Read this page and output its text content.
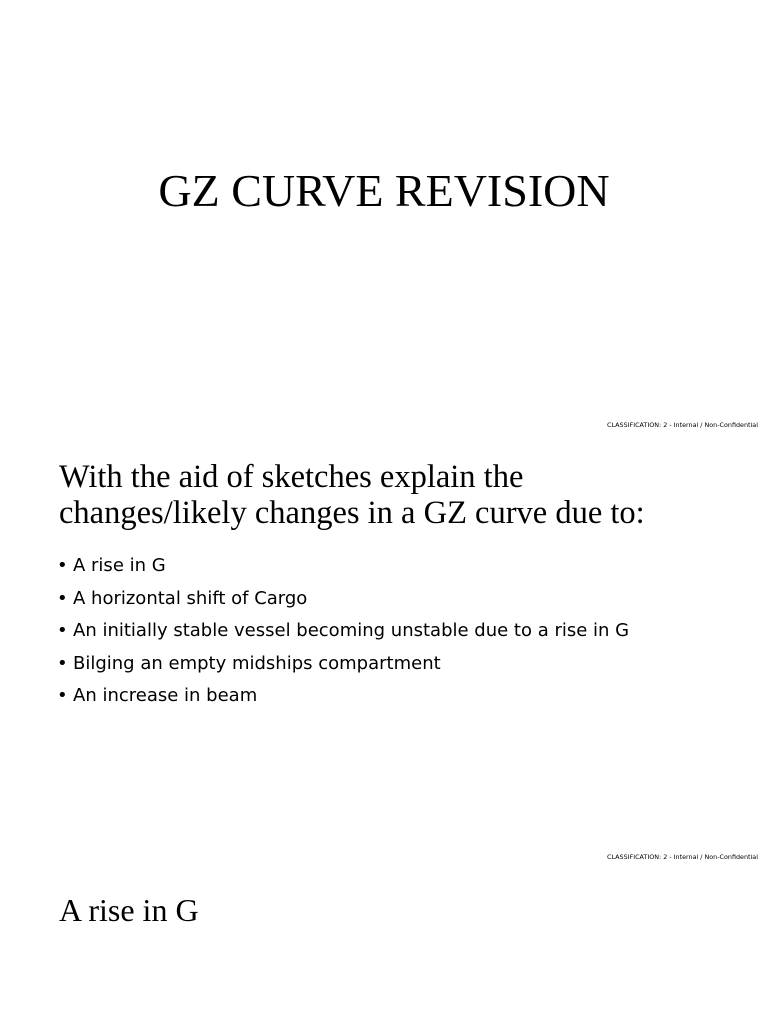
GZ CURVE REVISION
CLASSIFICATION: 2 - Internal / Non-Confidential
With the aid of sketches explain the
changes/likely changes in a GZ curve due to:
• A rise in G
• A horizontal shift of Cargo
• An initially stable vessel becoming unstable due to a rise in G
• Bilging an empty midships compartment
• An increase in beam
CLASSIFICATION: 2 - Internal / Non-Confidential
A rise in G
